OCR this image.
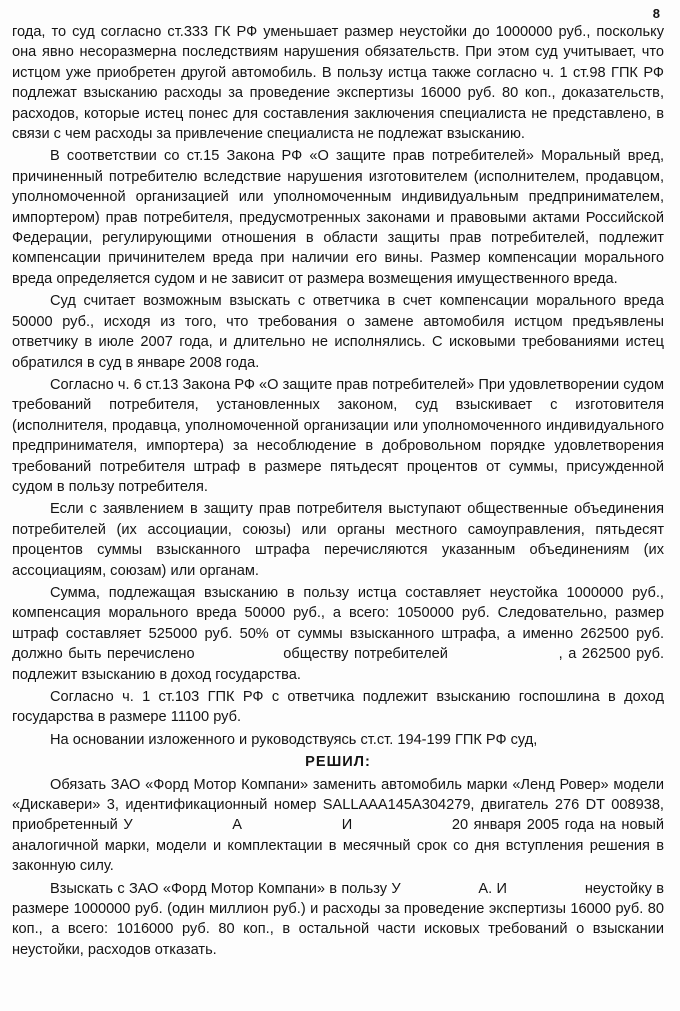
8

года, то суд согласно ст.333 ГК РФ уменьшает размер неустойки до 1000000 руб., поскольку она явно несоразмерна последствиям нарушения обязательств. При этом суд учитывает, что истцом уже приобретен другой автомобиль. В пользу истца также согласно ч. 1 ст.98 ГПК РФ подлежат взысканию расходы за проведение экспертизы 16000 руб. 80 коп., доказательств, расходов, которые истец понес для составления заключения специалиста не представлено, в связи с чем расходы за привлечение специалиста не подлежат взысканию.

В соответствии со ст.15 Закона РФ «О защите прав потребителей» Моральный вред, причиненный потребителю вследствие нарушения изготовителем (исполнителем, продавцом, уполномоченной организацией или уполномоченным индивидуальным предпринимателем, импортером) прав потребителя, предусмотренных законами и правовыми актами Российской Федерации, регулирующими отношения в области защиты прав потребителей, подлежит компенсации причинителем вреда при наличии его вины. Размер компенсации морального вреда определяется судом и не зависит от размера возмещения имущественного вреда.

Суд считает возможным взыскать с ответчика в счет компенсации морального вреда 50000 руб., исходя из того, что требования о замене автомобиля истцом предъявлены ответчику в июле 2007 года, и длительно не исполнялись. С исковыми требованиями истец обратился в суд в январе 2008 года.

Согласно ч. 6 ст.13 Закона РФ «О защите прав потребителей» При удовлетворении судом требований потребителя, установленных законом, суд взыскивает с изготовителя (исполнителя, продавца, уполномоченной организации или уполномоченного индивидуального предпринимателя, импортера) за несоблюдение в добровольном порядке удовлетворения требований потребителя штраф в размере пятьдесят процентов от суммы, присужденной судом в пользу потребителя.

Если с заявлением в защиту прав потребителя выступают общественные объединения потребителей (их ассоциации, союзы) или органы местного самоуправления, пятьдесят процентов суммы взысканного штрафа перечисляются указанным объединениям (их ассоциациям, союзам) или органам.

Сумма, подлежащая взысканию в пользу истца составляет неустойка 1000000 руб., компенсация морального вреда 50000 руб., а всего: 1050000 руб. Следовательно, размер штраф составляет 525000 руб. 50% от суммы взысканного штрафа, а именно 262500 руб. должно быть перечислено                обществу потребителей                    , а 262500 руб. подлежит взысканию в доход государства.

Согласно ч. 1 ст.103 ГПК РФ с ответчика подлежит взысканию госпошлина в доход государства в размере 11100 руб.

На основании изложенного и руководствуясь ст.ст. 194-199 ГПК РФ суд,

РЕШИЛ:

Обязать ЗАО «Форд Мотор Компани» заменить автомобиль марки «Ленд Ровер» модели «Дискавери» 3, идентификационный номер SALLAAA145A304279, двигатель 276 DT 008938, приобретенный У                  А                  И                  20 января 2005 года на новый аналогичной марки, модели и комплектации в месячный срок со дня вступления решения в законную силу.

Взыскать с ЗАО «Форд Мотор Компани» в пользу У                  А. И                  неустойку в размере 1000000 руб. (один миллион руб.) и расходы за проведение экспертизы 16000 руб. 80 коп., а всего: 1016000 руб. 80 коп., в остальной части исковых требований о взыскании неустойки, расходов отказать.
